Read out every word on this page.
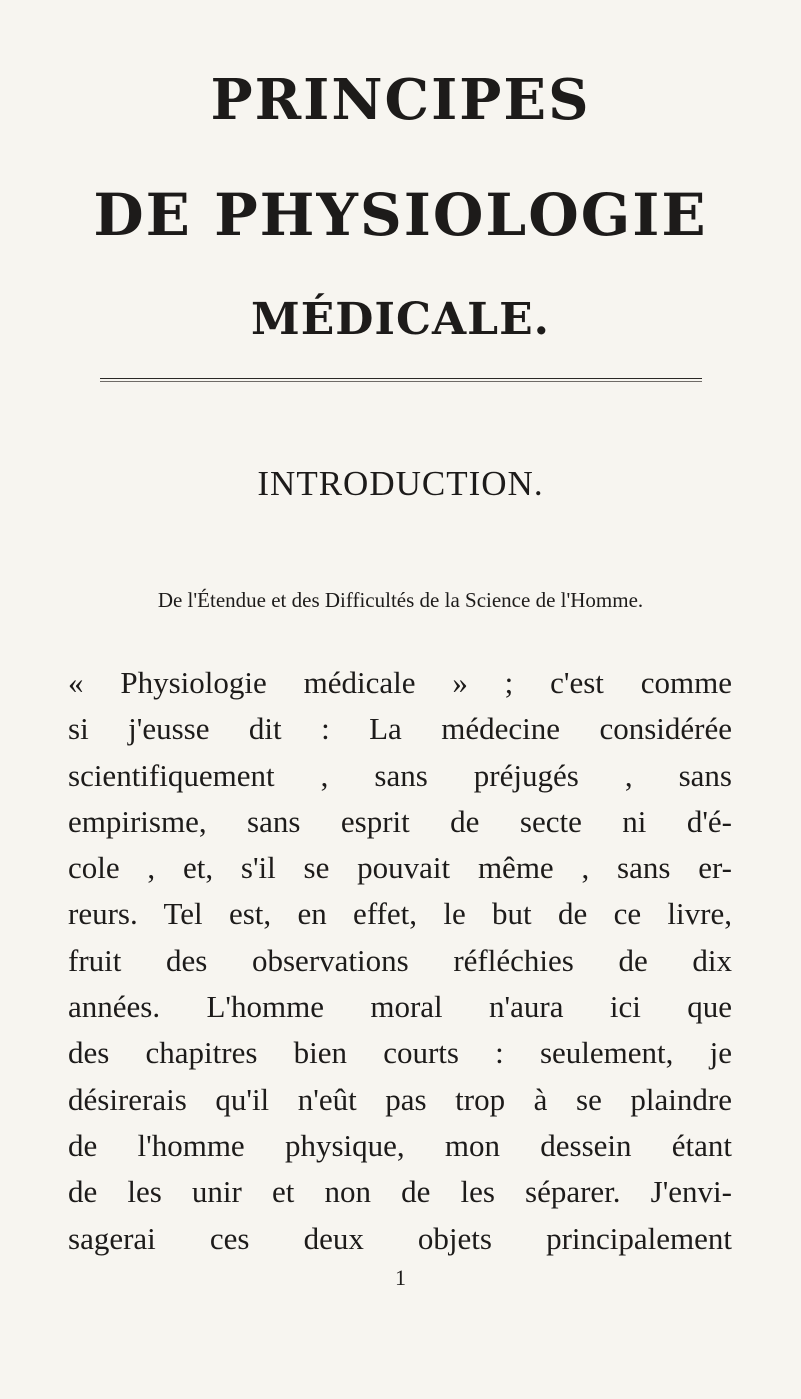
PRINCIPES
DE PHYSIOLOGIE
MÉDICALE.
INTRODUCTION.
De l'Étendue et des Difficultés de la Science de l'Homme.
« Physiologie médicale » ; c'est comme
si j'eusse dit : La médecine considérée
scientifiquement , sans préjugés , sans
empirisme, sans esprit de secte ni d'é-
cole , et, s'il se pouvait même , sans er-
reurs. Tel est, en effet, le but de ce livre,
fruit des observations réfléchies de dix
années. L'homme moral n'aura ici que
des chapitres bien courts : seulement, je
désirerais qu'il n'eût pas trop à se plaindre
de l'homme physique, mon dessein étant
de les unir et non de les séparer. J'envi-
sagerai ces deux objets principalement
1
